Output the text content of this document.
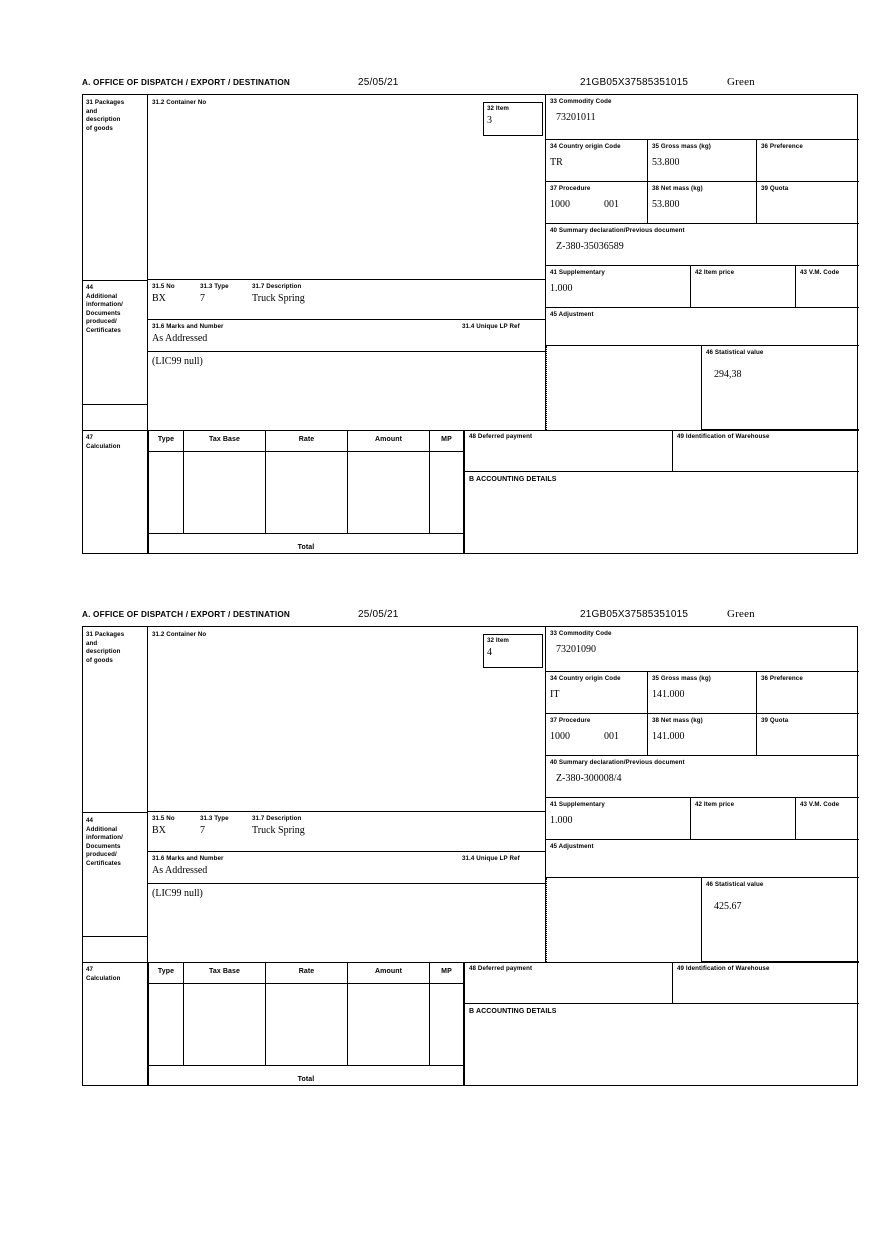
A. OFFICE OF DISPATCH / EXPORT / DESTINATION	25/05/21	21GB05X37585351015	Green
31 Packages
and
description
of goods
31.2 Container No
32 Item
3
31.5 No	31.3 Type	31.7 Description
BX	7	Truck Spring
31.6 Marks and Number	31.4 Unique LP Ref
As Addressed
44
Additional
information/
Documents
produced/
Certificates
(LIC99 null)
33 Commodity Code
73201011
34 Country origin Code
TR
35 Gross mass (kg)
53.800
36 Preference
37 Procedure
1000	001
38 Net mass (kg)
53.800
39 Quota
40 Summary declaration/Previous document
Z-380-35036589
41 Supplementary
1.000
42 Item price	43 V.M. Code
45 Adjustment
46 Statistical value
294,38
47
Calculation
Type	Tax Base	Rate	Amount	MP
Total
48 Deferred payment	49 Identification of Warehouse
B ACCOUNTING DETAILS
A. OFFICE OF DISPATCH / EXPORT / DESTINATION	25/05/21	21GB05X37585351015	Green
31 Packages
and
description
of goods
31.2 Container No
32 Item
4
31.5 No	31.3 Type	31.7 Description
BX	7	Truck Spring
31.6 Marks and Number	31.4 Unique LP Ref
As Addressed
44
Additional
information/
Documents
produced/
Certificates
(LIC99 null)
33 Commodity Code
73201090
34 Country origin Code
IT
35 Gross mass (kg)
141.000
36 Preference
37 Procedure
1000	001
38 Net mass (kg)
141.000
39 Quota
40 Summary declaration/Previous document
Z-380-300008/4
41 Supplementary
1.000
42 Item price	43 V.M. Code
45 Adjustment
46 Statistical value
425.67
47
Calculation
Type	Tax Base	Rate	Amount	MP
Total
48 Deferred payment	49 Identification of Warehouse
B ACCOUNTING DETAILS
